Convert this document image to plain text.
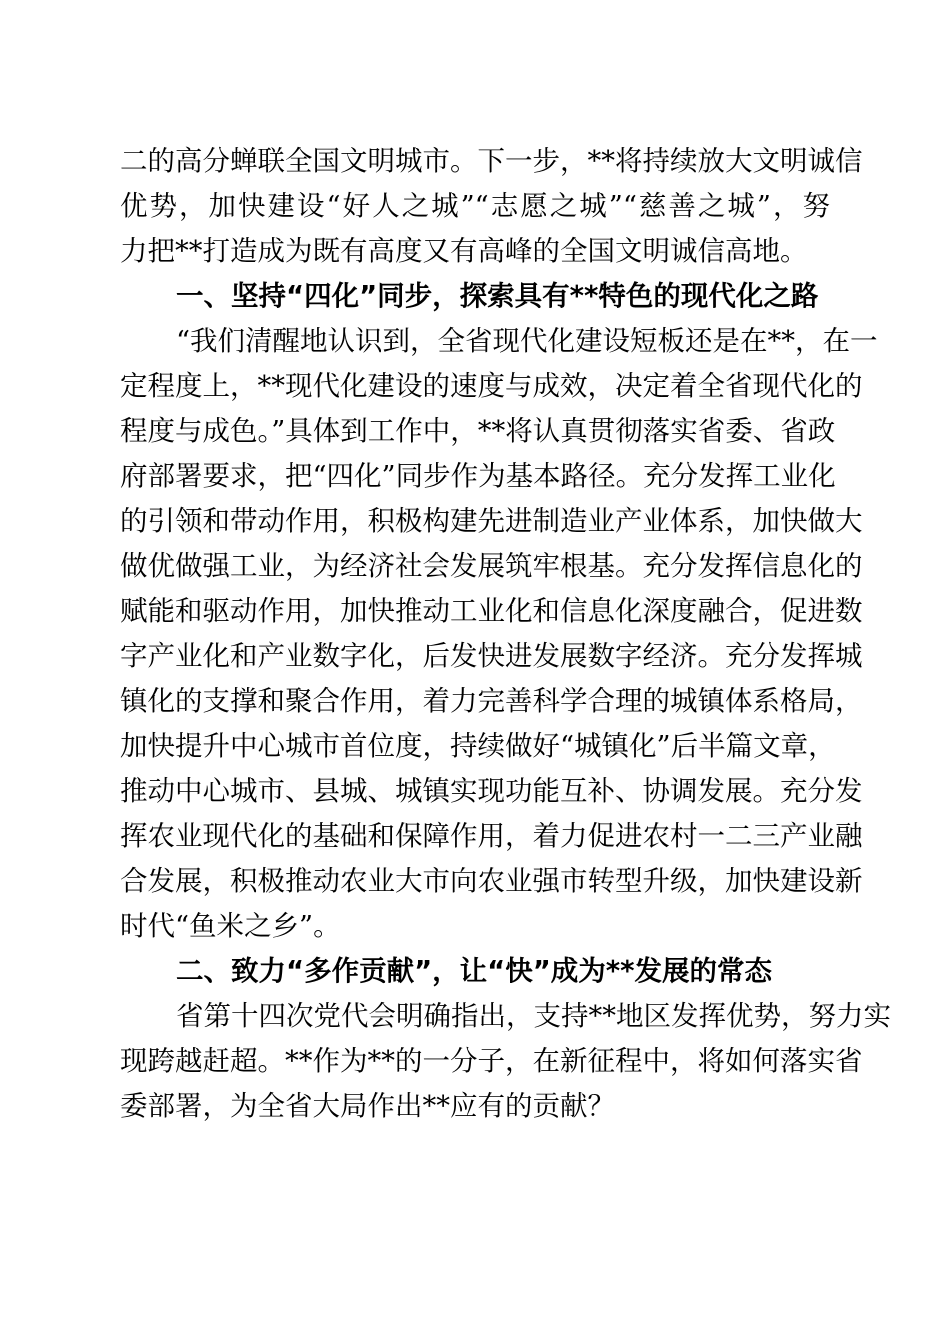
二的高分蝉联全国文明城市。下一步，**将持续放大文明诚信
优势，加快建设“好人之城”“志愿之城”“慈善之城”，努
力把**打造成为既有高度又有高峰的全国文明诚信高地。
一、坚持“四化”同步，探索具有**特色的现代化之路
“我们清醒地认识到，全省现代化建设短板还是在**，在一
定程度上，**现代化建设的速度与成效，决定着全省现代化的
程度与成色。”具体到工作中，**将认真贯彻落实省委、省政
府部署要求，把“四化”同步作为基本路径。充分发挥工业化
的引领和带动作用，积极构建先进制造业产业体系，加快做大
做优做强工业，为经济社会发展筑牢根基。充分发挥信息化的
赋能和驱动作用，加快推动工业化和信息化深度融合，促进数
字产业化和产业数字化，后发快进发展数字经济。充分发挥城
镇化的支撑和聚合作用，着力完善科学合理的城镇体系格局，
加快提升中心城市首位度，持续做好“城镇化”后半篇文章，
推动中心城市、县城、城镇实现功能互补、协调发展。充分发
挥农业现代化的基础和保障作用，着力促进农村一二三产业融
合发展，积极推动农业大市向农业强市转型升级，加快建设新
时代“鱼米之乡”。
二、致力“多作贡献”，让“快”成为**发展的常态
省第十四次党代会明确指出，支持**地区发挥优势，努力实
现跨越赶超。**作为**的一分子，在新征程中，将如何落实省
委部署，为全省大局作出**应有的贡献？
